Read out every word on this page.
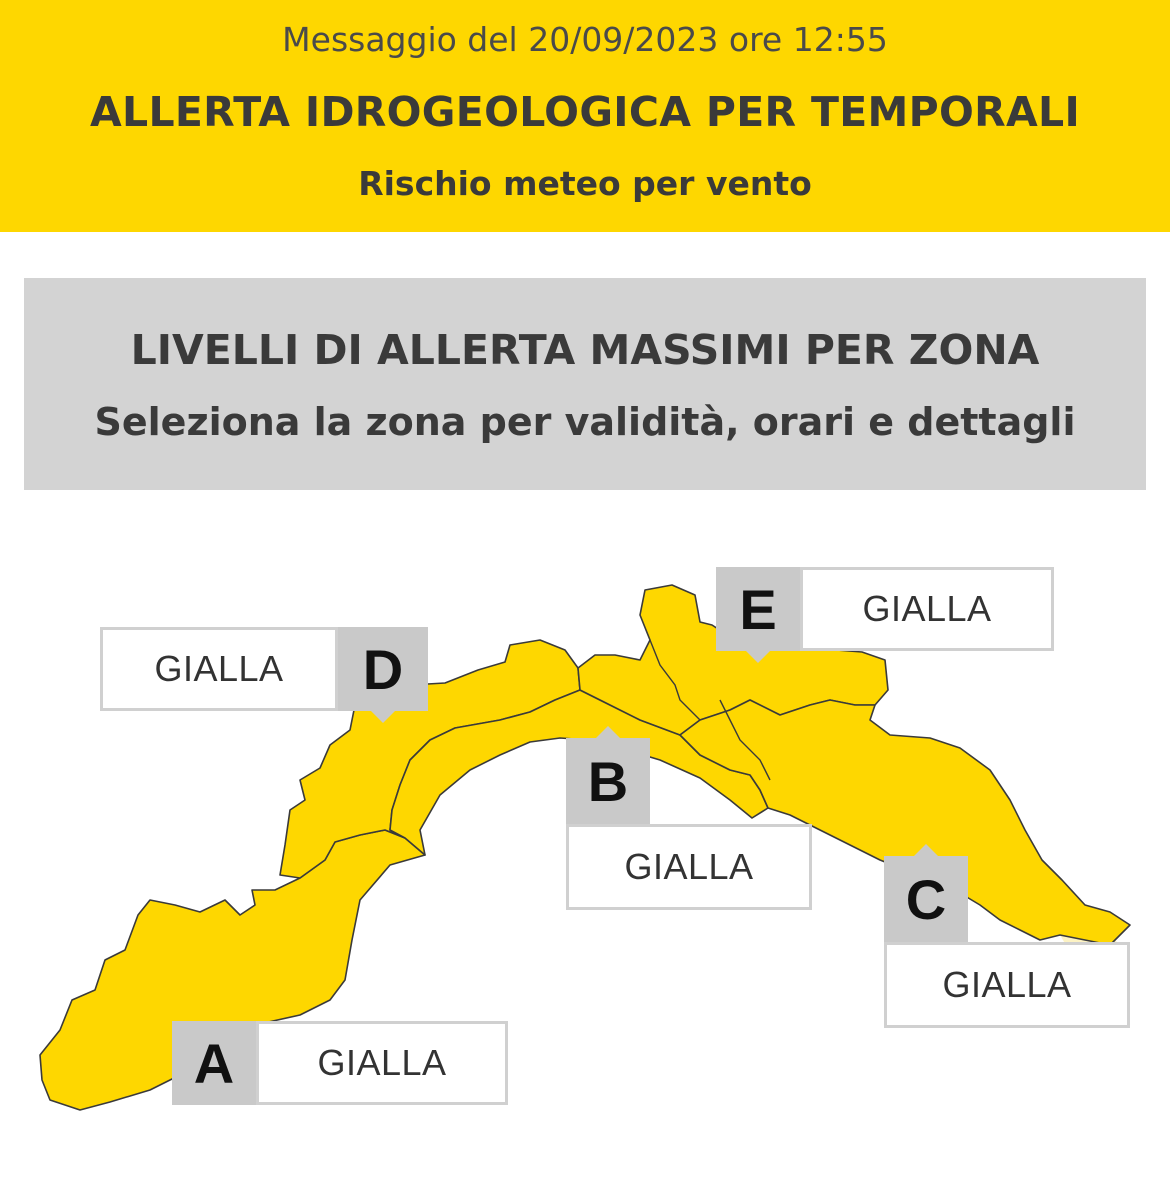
Messaggio del 20/09/2023 ore 12:55
ALLERTA IDROGEOLOGICA PER TEMPORALI
Rischio meteo per vento
LIVELLI DI ALLERTA MASSIMI PER ZONA
Seleziona la zona per validità, orari e dettagli
GIALLA	D
E	GIALLA
B
GIALLA
C
GIALLA
A	GIALLA
